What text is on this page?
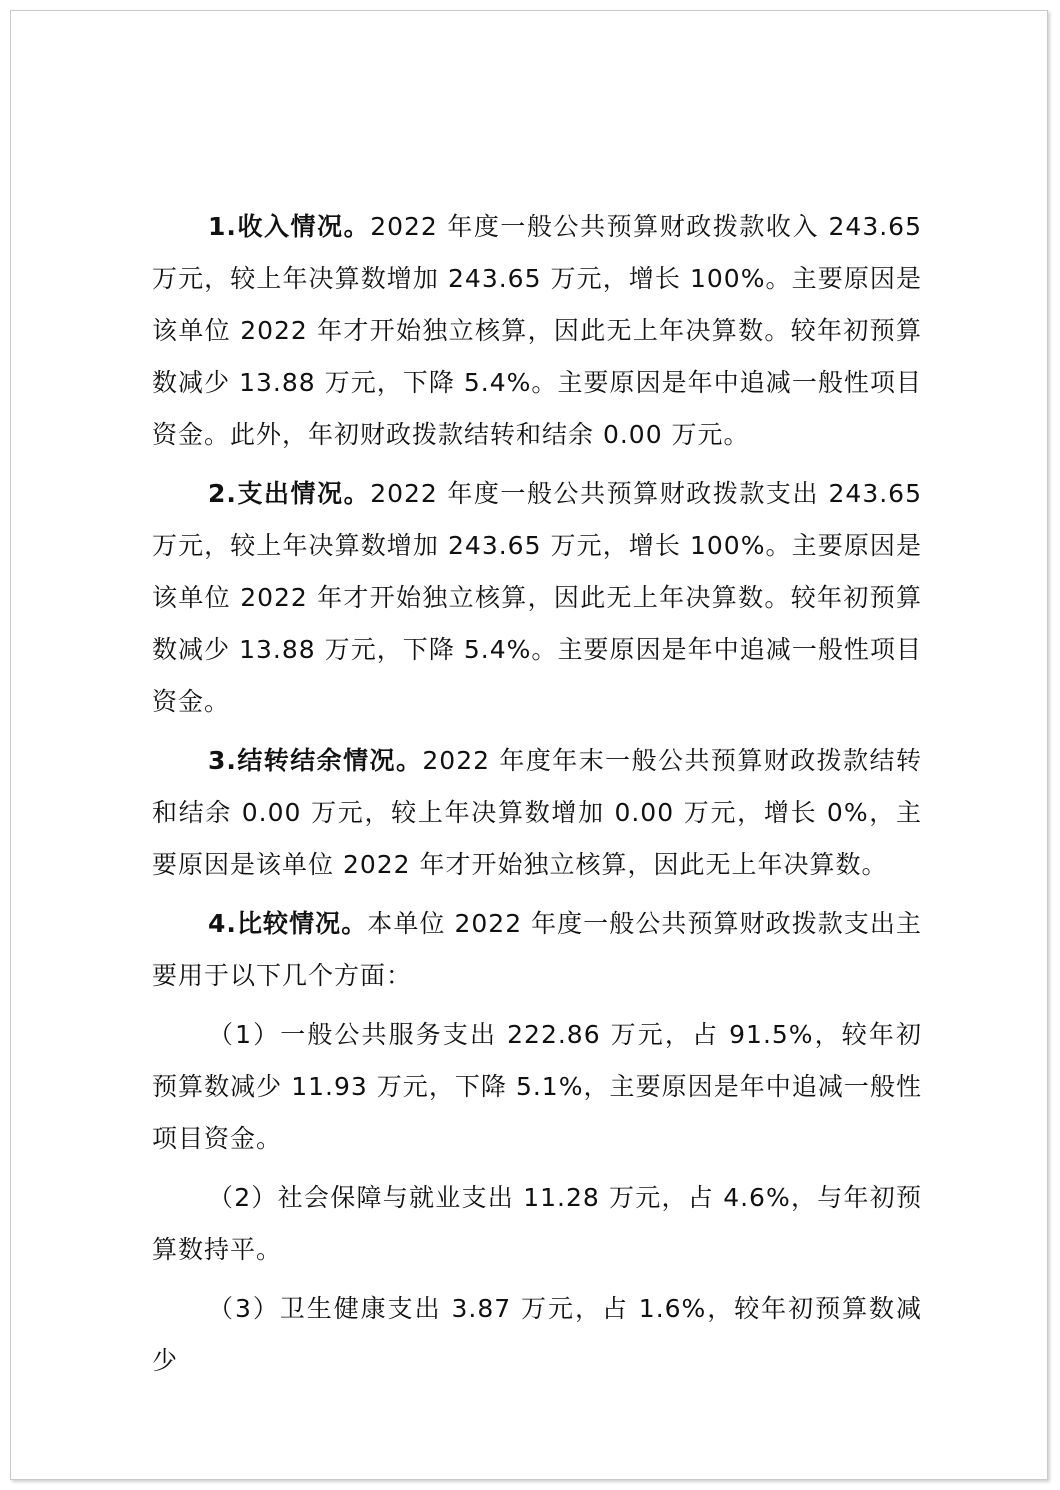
1.收入情况。2022 年度一般公共预算财政拨款收入 243.65 万元，较上年决算数增加 243.65 万元，增长 100%。主要原因是该单位 2022 年才开始独立核算，因此无上年决算数。较年初预算数减少 13.88 万元，下降 5.4%。主要原因是年中追减一般性项目资金。此外，年初财政拨款结转和结余 0.00 万元。

2.支出情况。2022 年度一般公共预算财政拨款支出 243.65 万元，较上年决算数增加 243.65 万元，增长 100%。主要原因是该单位 2022 年才开始独立核算，因此无上年决算数。较年初预算数减少 13.88 万元，下降 5.4%。主要原因是年中追减一般性项目资金。

3.结转结余情况。2022 年度年末一般公共预算财政拨款结转和结余 0.00 万元，较上年决算数增加 0.00 万元，增长 0%，主要原因是该单位 2022 年才开始独立核算，因此无上年决算数。

4.比较情况。本单位 2022 年度一般公共预算财政拨款支出主要用于以下几个方面：

（1）一般公共服务支出 222.86 万元，占 91.5%，较年初预算数减少 11.93 万元，下降 5.1%，主要原因是年中追减一般性项目资金。

（2）社会保障与就业支出 11.28 万元，占 4.6%，与年初预算数持平。

（3）卫生健康支出 3.87 万元，占 1.6%，较年初预算数减少
